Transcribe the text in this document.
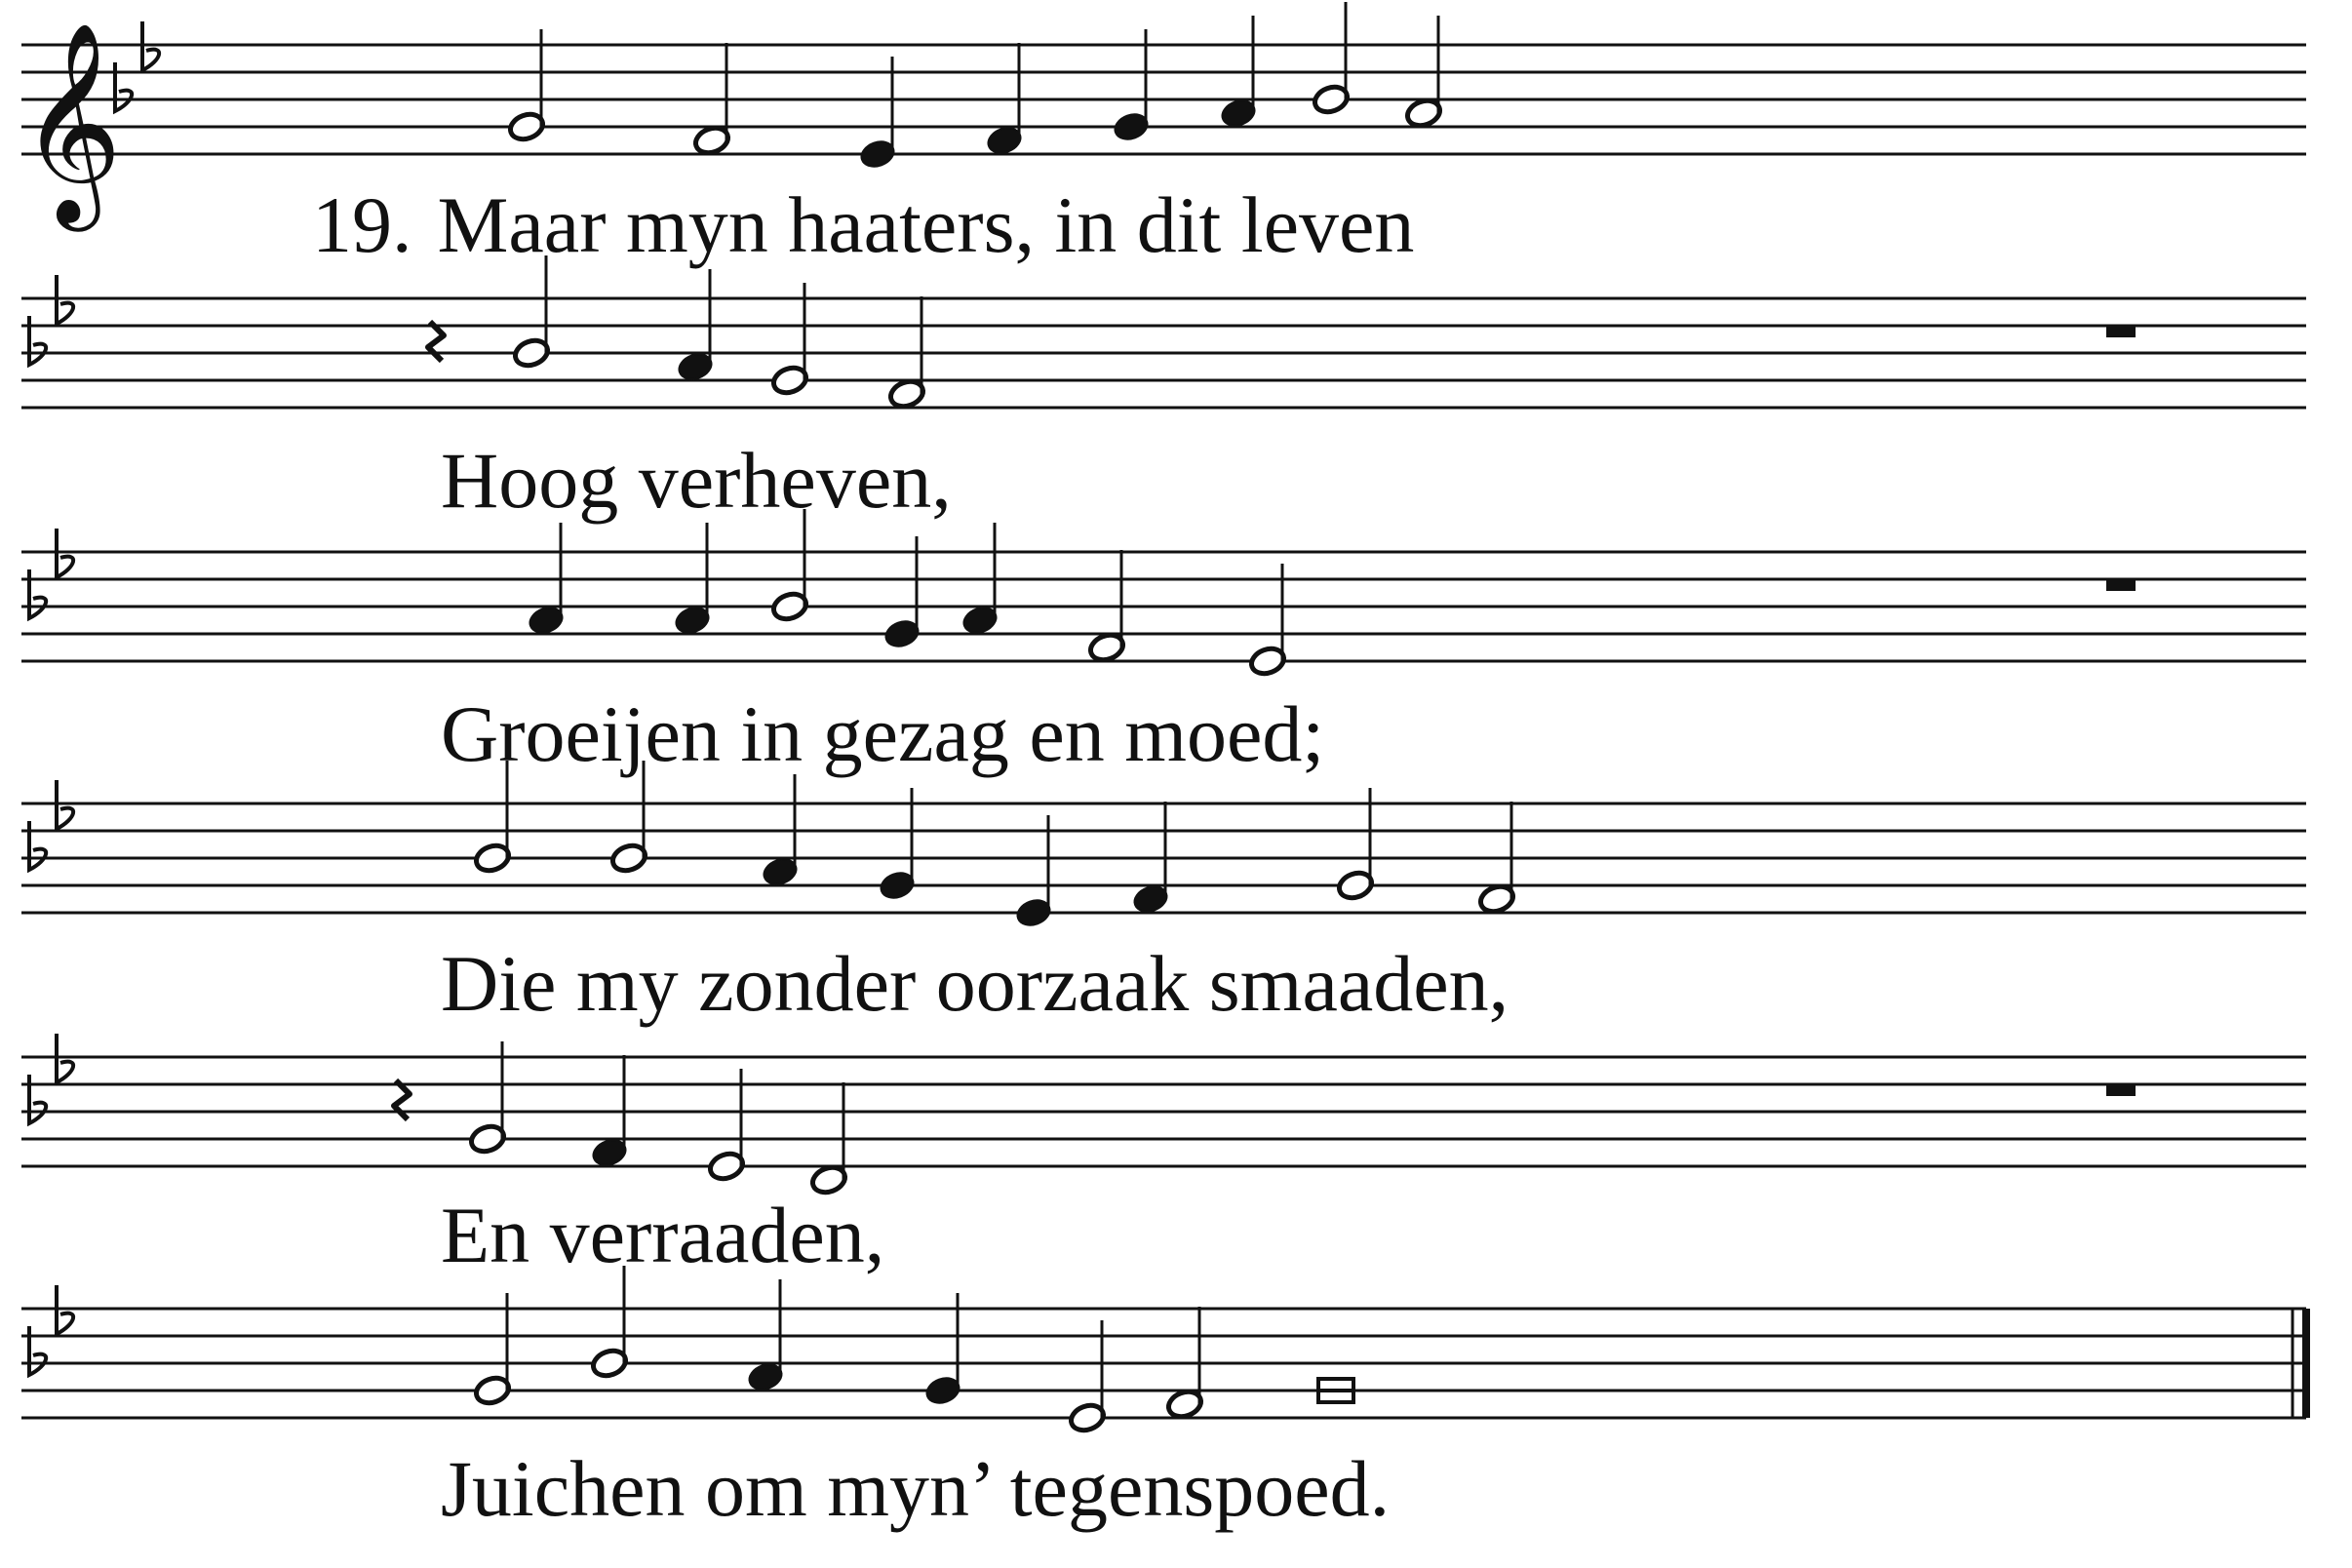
𝄞
19. Maar myn haaters, in dit leven
Hoog verheven,
Groeijen in gezag en moed;
Die my zonder oorzaak smaaden,
En verraaden,
Juichen om myn’ tegenspoed.
